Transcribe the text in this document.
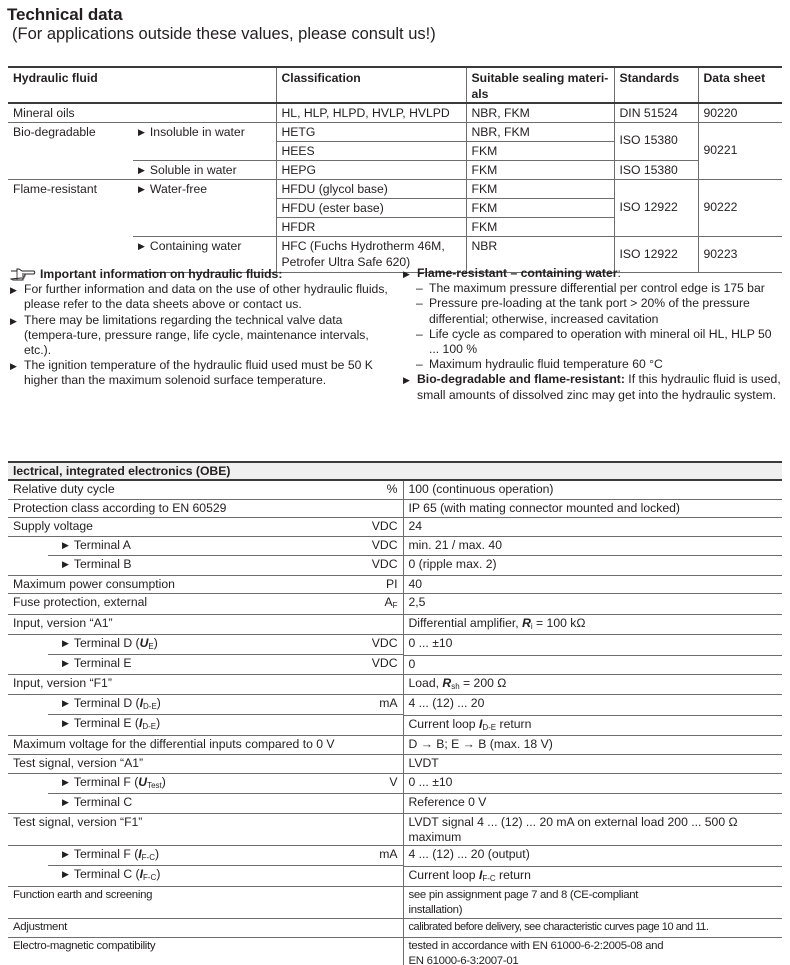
Technical data
(For applications outside these values, please consult us!)
Hydraulic fluid		Classification	Suitable sealing materi-
als	Standards	Data sheet
Mineral oils		HL, HLP, HLPD, HVLP, HVLPD	NBR, FKM	DIN 51524	90220
Bio-degradable	▶ Insoluble in water	HETG	NBR, FKM	ISO 15380	90221
		HEES	FKM		
	▶ Soluble in water	HEPG	FKM	ISO 15380	
Flame-resistant	▶ Water-free	HFDU (glycol base)	FKM	ISO 12922	90222
		HFDU (ester base)	FKM		
		HFDR	FKM		
	▶ Containing water	HFC (Fuchs Hydrotherm 46M,
Petrofer Ultra Safe 620)	NBR	ISO 12922	90223
Important information on hydraulic fluids:
▶ For further information and data on the use of other hydraulic fluids, please refer to the data sheets above or contact us.
▶ There may be limitations regarding the technical valve data (tempera-ture, pressure range, life cycle, maintenance intervals, etc.).
▶ The ignition temperature of the hydraulic fluid used must be 50 K higher than the maximum solenoid surface temperature.
▶ Flame-resistant – containing water:
– The maximum pressure differential per control edge is 175 bar
– Pressure pre-loading at the tank port > 20% of the pressure differential; otherwise, increased cavitation
– Life cycle as compared to operation with mineral oil HL, HLP 50 ... 100 %
– Maximum hydraulic fluid temperature 60 °C
▶ Bio-degradable and flame-resistant: If this hydraulic fluid is used, small amounts of dissolved zinc may get into the hydraulic system.
lectrical, integrated electronics (OBE)	

Relative duty cycle %	100 (continuous operation)

Protection class according to EN 60529	IP 65 (with mating connector mounted and locked)

Supply voltage VDC	24

▶ Terminal A VDC	min. 21 / max. 40

▶ Terminal B VDC	0 (ripple max. 2)

Maximum power consumption PI	40

Fuse protection, external $A_F$	2,5

Input, version “A1”	Differential amplifier, $R_i = 100$ kΩ

▶ Terminal D $(U_E)$ VDC	0 ... ±10

▶ Terminal E VDC	0

Input, version “F1”	Load, $R_{sh} = 200$ Ω

▶ Terminal D $(I_{D-E})$ mA	4 ... (12) ... 20

▶ Terminal E $(I_{D-E})$	Current loop $I_{D-E}$ return

Maximum voltage for the differential inputs compared to 0 V	D → B; E → B (max. 18 V)

Test signal, version “A1”	LVDT

▶ Terminal F $(U_{Test})$ V	0 ... ±10

▶ Terminal C	Reference 0 V

Test signal, version “F1”	LVDT signal 4 ... (12) ... 20 mA on external load 200 ... 500 Ω
maximum

▶ Terminal F $(I_{F-C})$ mA	4 ... (12) ... 20 (output)

▶ Terminal C $(I_{F-C})$	Current loop $I_{F-C}$ return
Function earth and screening	see pin assignment page 7 and 8 (CE-compliant
installation)
Adjustment	calibrated before delivery, see characteristic curves page 10 and 11.
Electro-magnetic compatibility	tested in accordance with EN 61000-6-2:2005-08 and
EN 61000-6-3:2007-01
